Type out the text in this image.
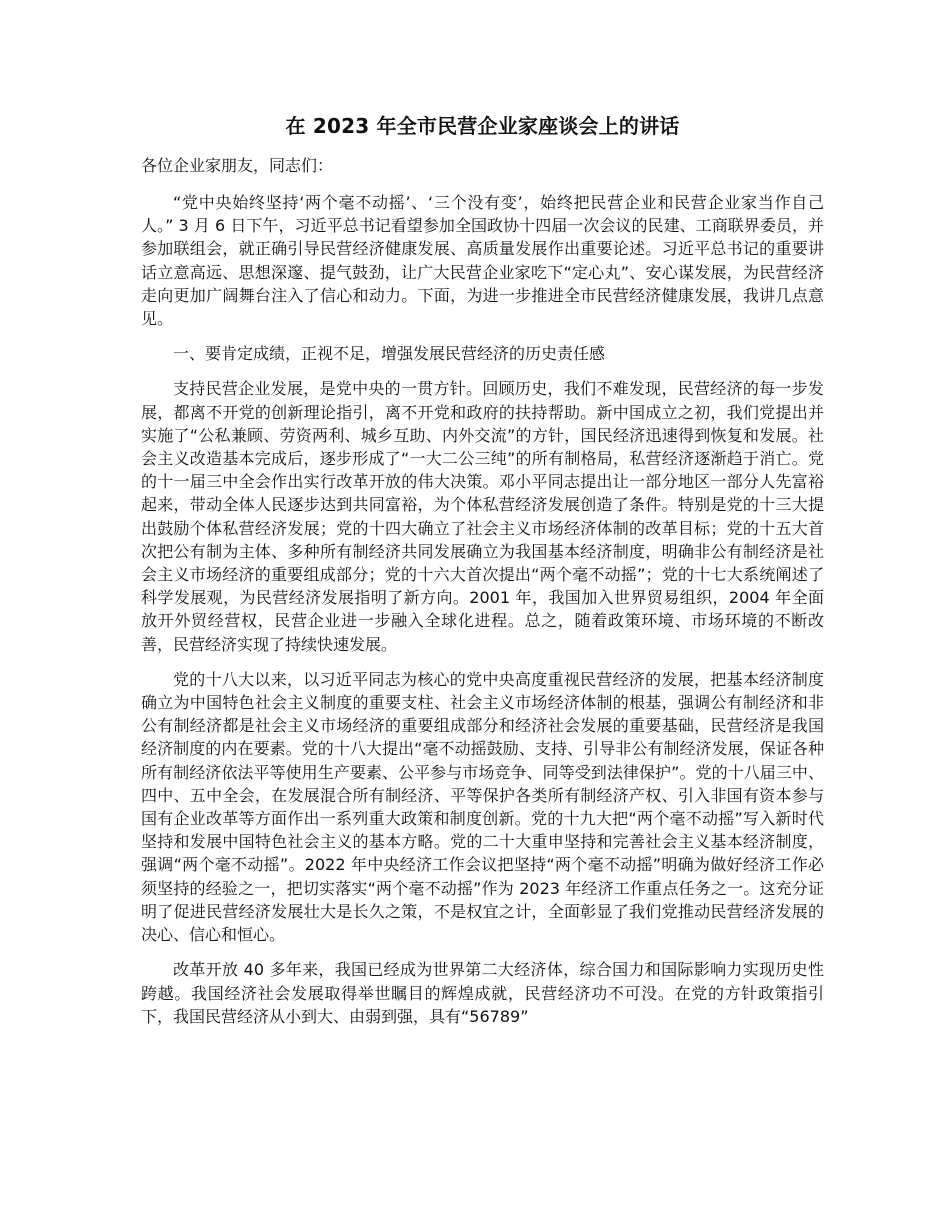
在 2023 年全市民营企业家座谈会上的讲话

各位企业家朋友，同志们：

“党中央始终坚持‘两个毫不动摇’、‘三个没有变’，始终把民营企业和民营企业家当作自己人。” 3 月 6 日下午，习近平总书记看望参加全国政协十四届一次会议的民建、工商联界委员，并参加联组会，就正确引导民营经济健康发展、高质量发展作出重要论述。习近平总书记的重要讲话立意高远、思想深邃、提气鼓劲，让广大民营企业家吃下“定心丸”、安心谋发展，为民营经济走向更加广阔舞台注入了信心和动力。下面，为进一步推进全市民营经济健康发展，我讲几点意见。

一、要肯定成绩，正视不足，增强发展民营经济的历史责任感

支持民营企业发展，是党中央的一贯方针。回顾历史，我们不难发现，民营经济的每一步发展，都离不开党的创新理论指引，离不开党和政府的扶持帮助。新中国成立之初，我们党提出并实施了“公私兼顾、劳资两利、城乡互助、内外交流”的方针，国民经济迅速得到恢复和发展。社会主义改造基本完成后，逐步形成了“一大二公三纯”的所有制格局，私营经济逐渐趋于消亡。党的十一届三中全会作出实行改革开放的伟大决策。邓小平同志提出让一部分地区一部分人先富裕起来，带动全体人民逐步达到共同富裕，为个体私营经济发展创造了条件。特别是党的十三大提出鼓励个体私营经济发展；党的十四大确立了社会主义市场经济体制的改革目标；党的十五大首次把公有制为主体、多种所有制经济共同发展确立为我国基本经济制度，明确非公有制经济是社会主义市场经济的重要组成部分；党的十六大首次提出“两个毫不动摇”；党的十七大系统阐述了科学发展观，为民营经济发展指明了新方向。2001 年，我国加入世界贸易组织，2004 年全面放开外贸经营权，民营企业进一步融入全球化进程。总之，随着政策环境、市场环境的不断改善，民营经济实现了持续快速发展。

党的十八大以来，以习近平同志为核心的党中央高度重视民营经济的发展，把基本经济制度确立为中国特色社会主义制度的重要支柱、社会主义市场经济体制的根基，强调公有制经济和非公有制经济都是社会主义市场经济的重要组成部分和经济社会发展的重要基础，民营经济是我国经济制度的内在要素。党的十八大提出“毫不动摇鼓励、支持、引导非公有制经济发展，保证各种所有制经济依法平等使用生产要素、公平参与市场竞争、同等受到法律保护”。党的十八届三中、四中、五中全会，在发展混合所有制经济、平等保护各类所有制经济产权、引入非国有资本参与国有企业改革等方面作出一系列重大政策和制度创新。党的十九大把“两个毫不动摇”写入新时代坚持和发展中国特色社会主义的基本方略。党的二十大重申坚持和完善社会主义基本经济制度，强调“两个毫不动摇”。2022 年中央经济工作会议把坚持“两个毫不动摇”明确为做好经济工作必须坚持的经验之一，把切实落实“两个毫不动摇”作为 2023 年经济工作重点任务之一。这充分证明了促进民营经济发展壮大是长久之策，不是权宜之计，全面彰显了我们党推动民营经济发展的决心、信心和恒心。

改革开放 40 多年来，我国已经成为世界第二大经济体，综合国力和国际影响力实现历史性跨越。我国经济社会发展取得举世瞩目的辉煌成就，民营经济功不可没。在党的方针政策指引下，我国民营经济从小到大、由弱到强，具有“56789”
